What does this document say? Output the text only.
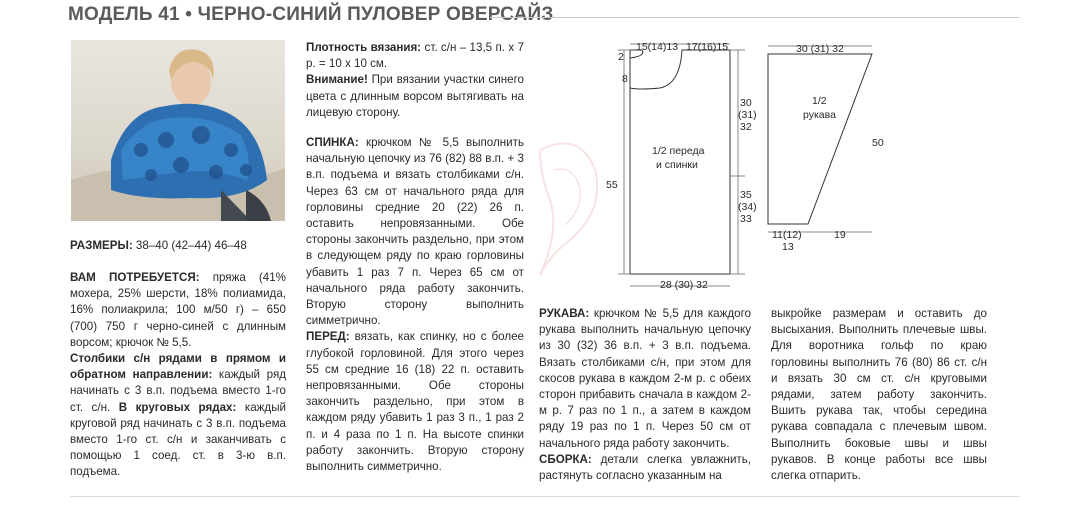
МОДЕЛЬ 41 • ЧЕРНО-СИНИЙ ПУЛОВЕР ОВЕРСАЙЗ

РАЗМЕРЫ: 38–40 (42–44) 46–48

ВАМ ПОТРЕБУЕТСЯ: пряжа (41% мохера, 25% шерсти, 18% полиамида, 16% полиакрила; 100 м/50 г) – 650 (700) 750 г черно-синей с длинным ворсом; крючок № 5,5.

Столбики с/н рядами в прямом и обратном направлении: каждый ряд начинать с 3 в.п. подъема вместо 1-го ст. с/н. В круговых рядах: каждый круговой ряд начинать с 3 в.п. подъема вместо 1-го ст. с/н и заканчивать с помощью 1 соед. ст. в 3-ю в.п. подъема.

Плотность вязания: ст. с/н – 13,5 п. х 7 р. = 10 х 10 см.

Внимание! При вязании участки синего цвета с длинным ворсом вытягивать на лицевую сторону.

СПИНКА: крючком № 5,5 выполнить начальную цепочку из 76 (82) 88 в.п. + 3 в.п. подъема и вязать столбиками с/н. Через 63 см от начального ряда для горловины средние 20 (22) 26 п. оставить непровязанными. Обе стороны закончить раздельно, при этом в следующем ряду по краю горловины убавить 1 раз 7 п. Через 65 см от начального ряда работу закончить. Вторую сторону выполнить симметрично.

ПЕРЕД: вязать, как спинку, но с более глубокой горловиной. Для этого через 55 см средние 16 (18) 22 п. оставить непровязанными. Обе стороны закончить раздельно, при этом в каждом ряду убавить 1 раз 3 п., 1 раз 2 п. и 4 раза по 1 п. На высоте спинки работу закончить. Вторую сторону выполнить симметрично.

15(14)13 17(16)15
2
8
30
(31)
32
55
35
(34)
33
1/2 переда
и спинки
28 (30) 32
30 (31) 32
1/2
рукава
50
11(12)
13
19

РУКАВА: крючком № 5,5 для каждого рукава выполнить начальную цепочку из 30 (32) 36 в.п. + 3 в.п. подъема. Вязать столбиками с/н, при этом для скосов рукава в каждом 2-м р. с обеих сторон прибавить сначала в каждом 2-м р. 7 раз по 1 п., а затем в каждом ряду 19 раз по 1 п. Через 50 см от начального ряда работу закончить.

СБОРКА: детали слегка увлажнить, растянуть согласно указанным на

выкройке размерам и оставить до высыхания. Выполнить плечевые швы. Для воротника гольф по краю горловины выполнить 76 (80) 86 ст. с/н и вязать 30 см ст. с/н круговыми рядами, затем работу закончить. Вшить рукава так, чтобы середина рукава совпадала с плечевым швом. Выполнить боковые швы и швы рукавов. В конце работы все швы слегка отпарить.
